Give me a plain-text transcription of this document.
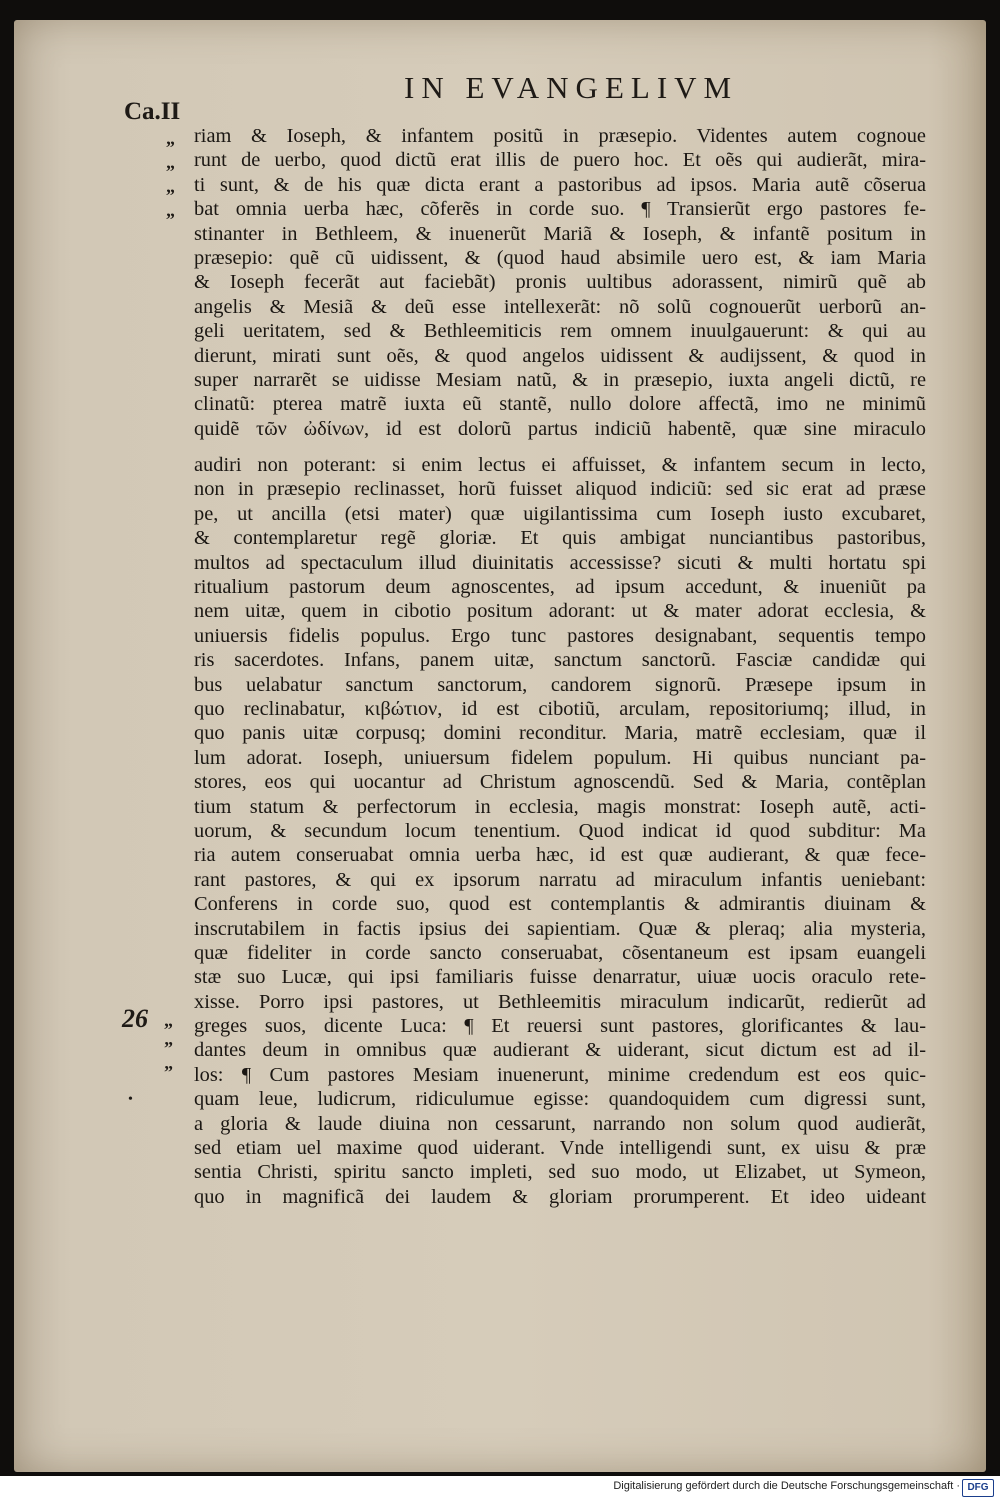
IN EVANGELIVM
Ca.II
„
„
„
„
26 „
”
”
•
riam & Ioseph, & infantem positũ in præsepio. Videntes autem cognoue
runt de uerbo, quod dictũ erat illis de puero hoc. Et oẽs qui audierãt, mira-
ti sunt, & de his quæ dicta erant a pastoribus ad ipsos. Maria autẽ cõserua
bat omnia uerba hæc, cõferẽs in corde suo. ¶ Transierũt ergo pastores fe-
stinanter in Bethleem, & inuenerũt Mariã & Ioseph, & infantẽ positum in
præsepio: quẽ cũ uidissent, & (quod haud absimile uero est, & iam Maria
& Ioseph fecerãt aut faciebãt) pronis uultibus adorassent, nimirũ quẽ ab
angelis & Mesiã & deũ esse intellexerãt: nõ solũ cognouerũt uerborũ an-
geli ueritatem, sed & Bethleemiticis rem omnem inuulgauerunt: & qui au
dierunt, mirati sunt oẽs, & quod angelos uidissent & audijssent, & quod in
super narrarẽt se uidisse Mesiam natũ, & in præsepio, iuxta angeli dictũ, re
clinatũ: pterea matrẽ iuxta eũ stantẽ, nullo dolore affectã, imo ne minimũ
quidẽ τῶν ὠδίνων, id est dolorũ partus indiciũ habentẽ, quæ sine miraculo
audiri non poterant: si enim lectus ei affuisset, & infantem secum in lecto,
non in præsepio reclinasset, horũ fuisset aliquod indiciũ: sed sic erat ad præse
pe, ut ancilla (etsi mater) quæ uigilantissima cum Ioseph iusto excubaret,
& contemplaretur regẽ gloriæ. Et quis ambigat nunciantibus pastoribus,
multos ad spectaculum illud diuinitatis accessisse? sicuti & multi hortatu spi
ritualium pastorum deum agnoscentes, ad ipsum accedunt, & inueniũt pa
nem uitæ, quem in cibotio positum adorant: ut & mater adorat ecclesia, &
uniuersis fidelis populus. Ergo tunc pastores designabant, sequentis tempo
ris sacerdotes. Infans, panem uitæ, sanctum sanctorũ. Fasciæ candidæ qui
bus uelabatur sanctum sanctorum, candorem signorũ. Præsepe ipsum in
quo reclinabatur, κιβώτιον, id est cibotiũ, arculam, repositoriumq; illud, in
quo panis uitæ corpusq; domini reconditur. Maria, matrẽ ecclesiam, quæ il
lum adorat. Ioseph, uniuersum fidelem populum. Hi quibus nunciant pa-
stores, eos qui uocantur ad Christum agnoscendũ. Sed & Maria, contẽplan
tium statum & perfectorum in ecclesia, magis monstrat: Ioseph autẽ, acti-
uorum, & secundum locum tenentium. Quod indicat id quod subditur: Ma
ria autem conseruabat omnia uerba hæc, id est quæ audierant, & quæ fece-
rant pastores, & qui ex ipsorum narratu ad miraculum infantis ueniebant:
Conferens in corde suo, quod est contemplantis & admirantis diuinam &
inscrutabilem in factis ipsius dei sapientiam. Quæ & pleraq; alia mysteria,
quæ fideliter in corde sancto conseruabat, cõsentaneum est ipsam euangeli
stæ suo Lucæ, qui ipsi familiaris fuisse denarratur, uiuæ uocis oraculo rete-
xisse. Porro ipsi pastores, ut Bethleemitis miraculum indicarũt, redierũt ad
greges suos, dicente Luca: ¶ Et reuersi sunt pastores, glorificantes & lau-
dantes deum in omnibus quæ audierant & uiderant, sicut dictum est ad il-
los: ¶ Cum pastores Mesiam inuenerunt, minime credendum est eos quic-
quam leue, ludicrum, ridiculumue egisse: quandoquidem cum digressi sunt,
a gloria & laude diuina non cessarunt, narrando non solum quod audierãt,
sed etiam uel maxime quod uiderant. Vnde intelligendi sunt, ex uisu & præ
sentia Christi, spiritu sancto impleti, sed suo modo, ut Elizabet, ut Symeon,
quo in magnificã dei laudem & gloriam prorumperent. Et ideo uideant
Digitalisierung gefördert durch die Deutsche Forschungsgemeinschaft · DFG
